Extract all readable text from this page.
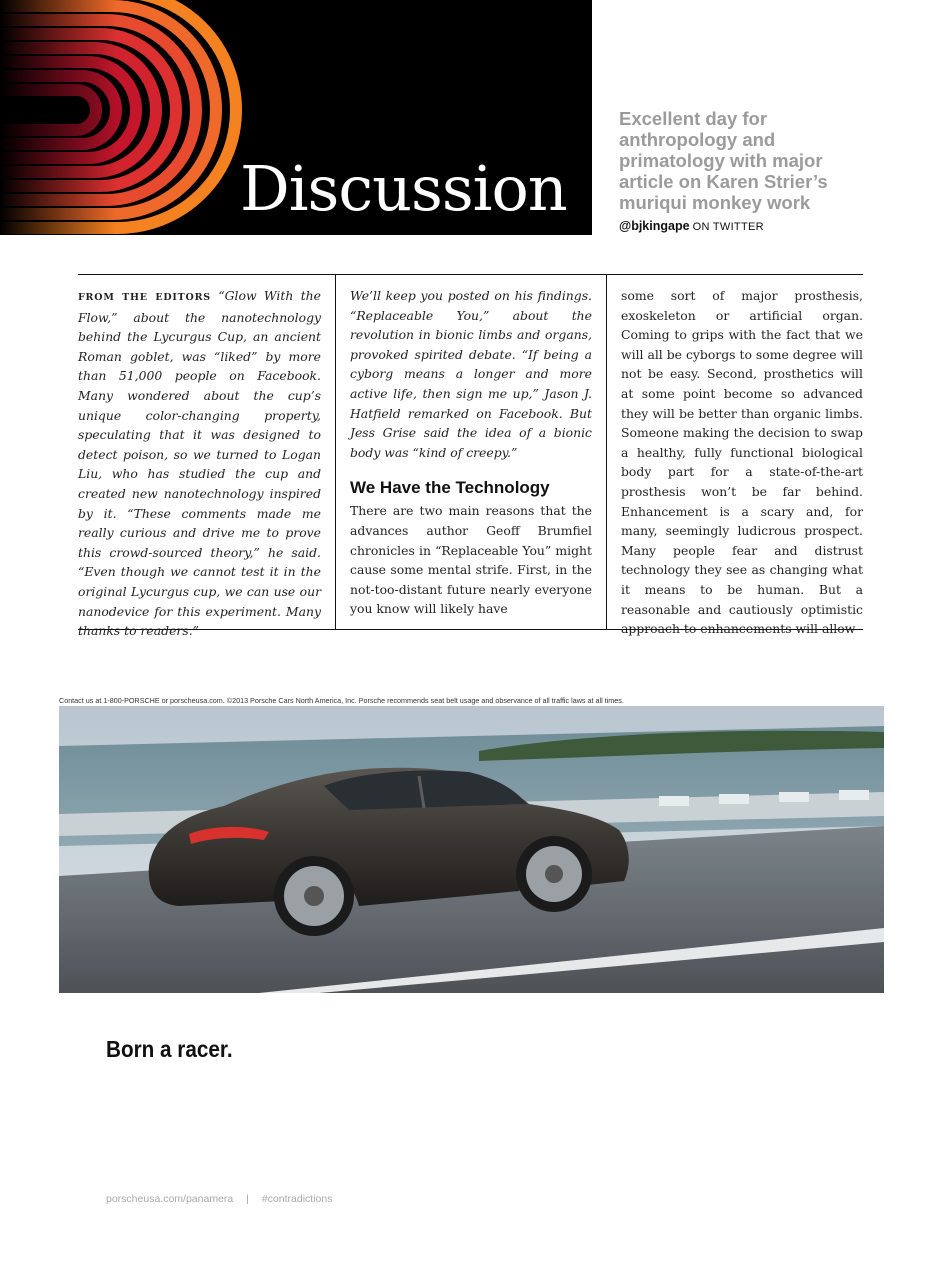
Discussion
Excellent day for anthropology and primatology with major article on Karen Strier’s muriqui monkey work
@bjkingape ON TWITTER
FROM THE EDITORS “Glow With the Flow,” about the nanotechnology behind the Lycurgus Cup, an ancient Roman goblet, was “liked” by more than 51,000 people on Facebook. Many wondered about the cup’s unique color-changing property, speculating that it was designed to detect poison, so we turned to Logan Liu, who has studied the cup and created new nanotechnology inspired by it. “These comments made me really curious and drive me to prove this crowd-sourced theory,” he said. “Even though we cannot test it in the original Lycurgus cup, we can use our nanodevice for this experiment. Many thanks to readers.”
We’ll keep you posted on his findings. “Replaceable You,” about the revolution in bionic limbs and organs, provoked spirited debate. “If being a cyborg means a longer and more active life, then sign me up,” Jason J. Hatfield remarked on Facebook. But Jess Grise said the idea of a bionic body was “kind of creepy.”
We Have the Technology
There are two main reasons that the advances author Geoff Brumfiel chronicles in “Replaceable You” might cause some mental strife. First, in the not-too-distant future nearly everyone you know will likely have
some sort of major prosthesis, exoskeleton or artificial organ. Coming to grips with the fact that we will all be cyborgs to some degree will not be easy. Second, prosthetics will at some point become so advanced they will be better than organic limbs. Someone making the decision to swap a healthy, fully functional biological body part for a state-of-the-art prosthesis won’t be far behind. Enhancement is a scary and, for many, seemingly ludicrous prospect. Many people fear and distrust technology they see as changing what it means to be human. But a reasonable and cautiously optimistic approach to enhancements will allow
Contact us at 1-800-PORSCHE or porscheusa.com. ©2013 Porsche Cars North America, Inc. Porsche recommends seat belt usage and observance of all traffic laws at all times.
Born a racer.
porscheusa.com/panamera | #contradictions
